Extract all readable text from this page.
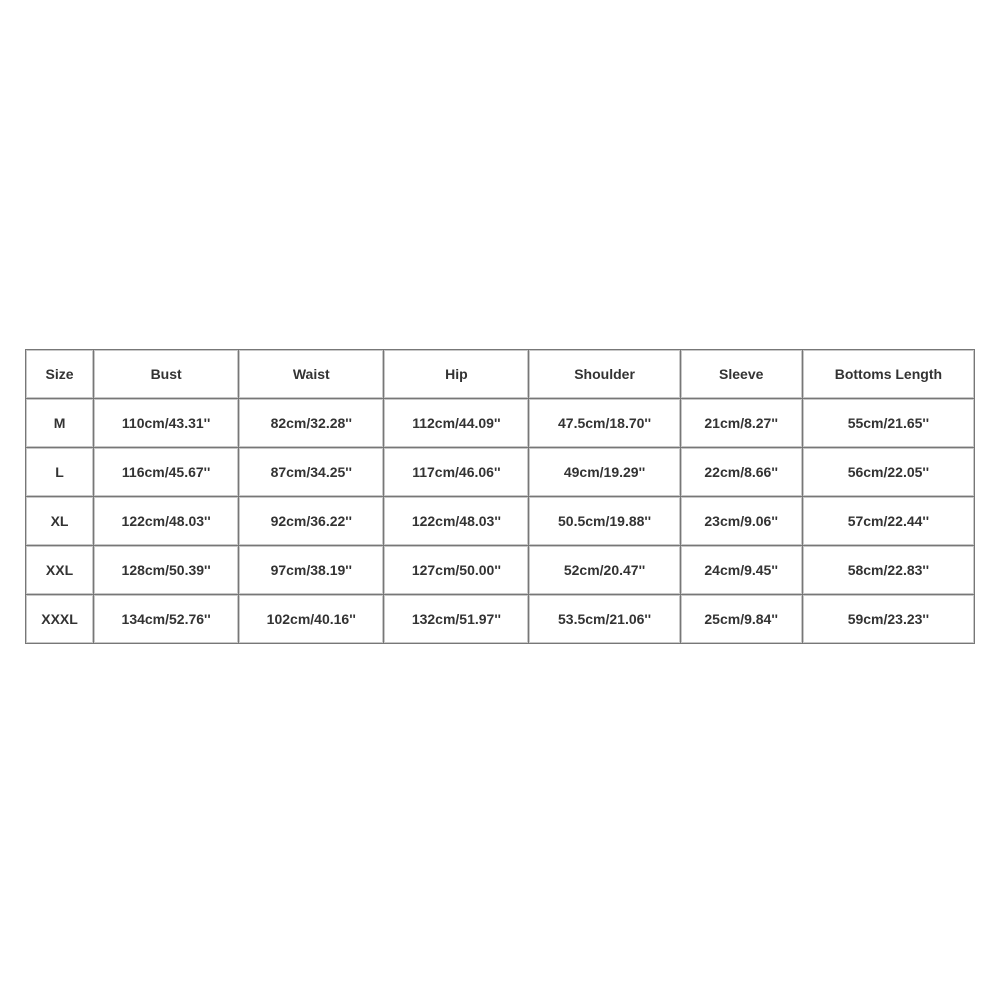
Size	Bust	Waist	Hip	Shoulder	Sleeve	Bottoms Length
M	110cm/43.31''	82cm/32.28''	112cm/44.09''	47.5cm/18.70''	21cm/8.27''	55cm/21.65''
L	116cm/45.67''	87cm/34.25''	117cm/46.06''	49cm/19.29''	22cm/8.66''	56cm/22.05''
XL	122cm/48.03''	92cm/36.22''	122cm/48.03''	50.5cm/19.88''	23cm/9.06''	57cm/22.44''
XXL	128cm/50.39''	97cm/38.19''	127cm/50.00''	52cm/20.47''	24cm/9.45''	58cm/22.83''
XXXL	134cm/52.76''	102cm/40.16''	132cm/51.97''	53.5cm/21.06''	25cm/9.84''	59cm/23.23''
